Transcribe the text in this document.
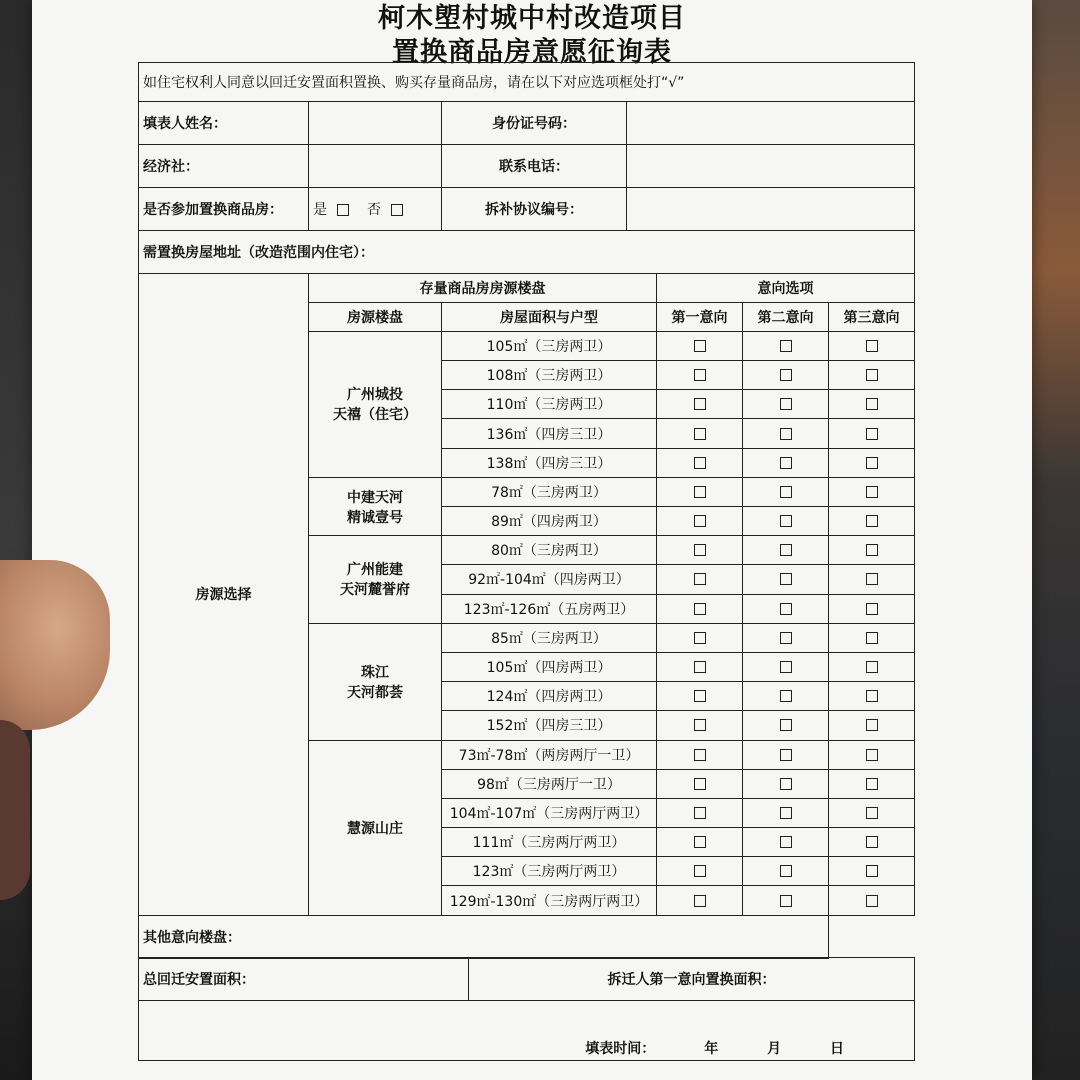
柯木塱村城中村改造项目
置换商品房意愿征询表
如住宅权利人同意以回迁安置面积置换、购买存量商品房，请在以下对应选项框处打“√”			
填表人姓名：		身份证号码：	
经济社：		联系电话：	
是否参加置换商品房：	是 否	拆补协议编号：	
需置换房屋地址（改造范围内住宅）：			
房源选择	存量商品房房源楼盘		意向选项		
	房源楼盘	房屋面积与户型	第一意向	第二意向	第三意向
	广州城投
天禧（住宅）	105㎡（三房两卫）			
		108㎡（三房两卫）			
		110㎡（三房两卫）			
		136㎡（四房三卫）			
		138㎡（四房三卫）			
	中建天河
精诚壹号	78㎡（三房两卫）			
		89㎡（四房两卫）			
	广州能建
天河麓誉府	80㎡（三房两卫）			
		92㎡-104㎡（四房两卫）			
		123㎡-126㎡（五房两卫）			
	珠江
天河都荟	85㎡（三房两卫）			
		105㎡（四房两卫）			
		124㎡（四房两卫）			
		152㎡（四房三卫）			
	慧源山庄	73㎡-78㎡（两房两厅一卫）			
		98㎡（三房两厅一卫）			
		104㎡-107㎡（三房两厅两卫）			
		111㎡（三房两厅两卫）			
		123㎡（三房两厅两卫）			
		129㎡-130㎡（三房两厅两卫）			
其他意向楼盘：					
总回迁安置面积：	拆迁人第一意向置换面积：
填表时间：	年	月	日
